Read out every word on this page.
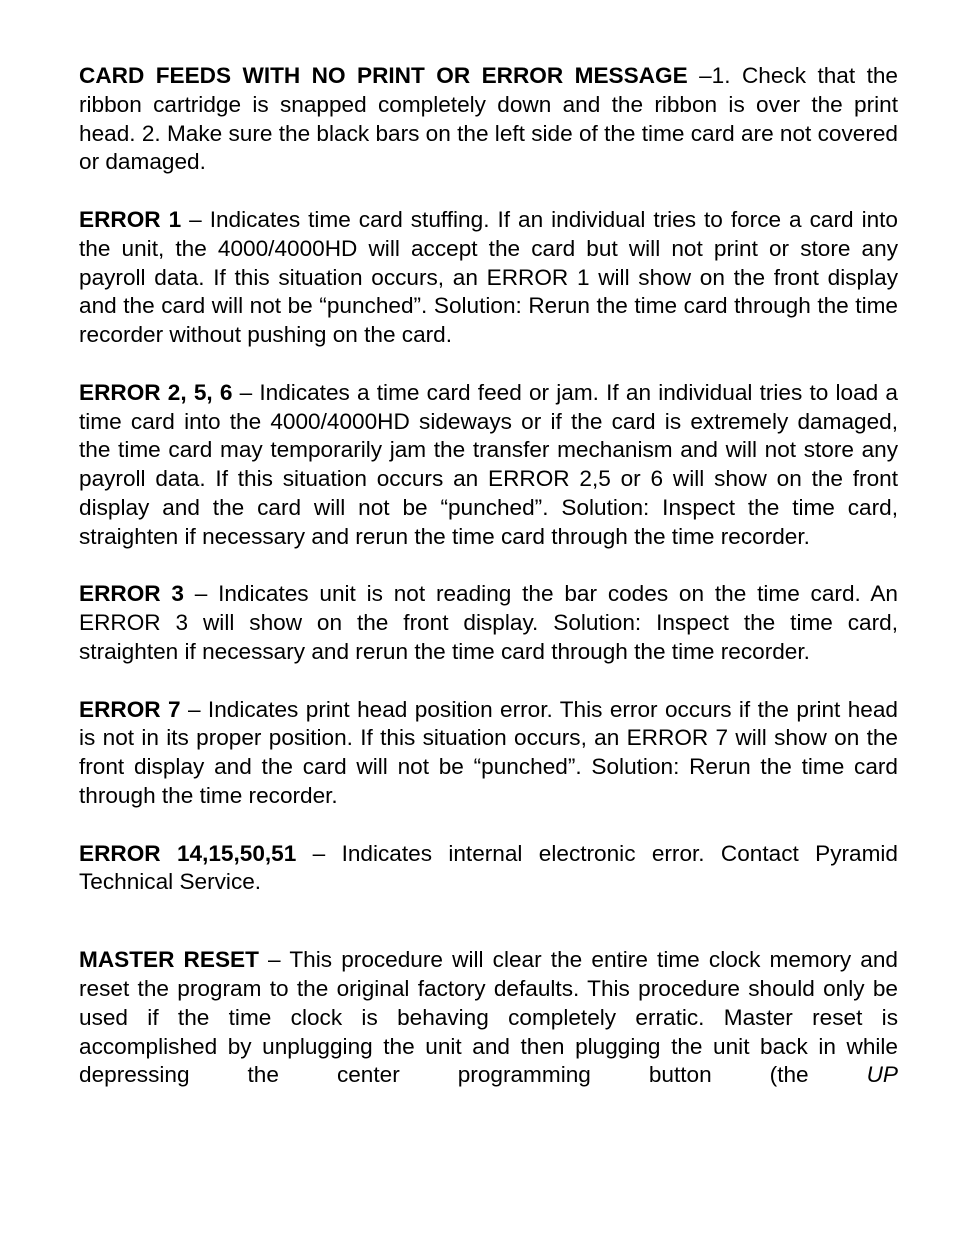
CARD FEEDS WITH NO PRINT OR ERROR MESSAGE –1. Check that the ribbon cartridge is snapped completely down and the ribbon is over the print head. 2. Make sure the black bars on the left side of the time card are not covered or damaged.

ERROR 1 – Indicates time card stuffing. If an individual tries to force a card into the unit, the 4000/4000HD will accept the card but will not print or store any payroll data. If this situation occurs, an ERROR 1 will show on the front display and the card will not be “punched”. Solution: Rerun the time card through the time recorder without pushing on the card.

ERROR 2, 5, 6 – Indicates a time card feed or jam. If an individual tries to load a time card into the 4000/4000HD sideways or if the card is extremely damaged, the time card may temporarily jam the transfer mechanism and will not store any payroll data. If this situation occurs an ERROR 2,5 or 6 will show on the front display and the card will not be “punched”. Solution: Inspect the time card, straighten if necessary and rerun the time card through the time recorder.

ERROR 3 – Indicates unit is not reading the bar codes on the time card. An ERROR 3 will show on the front display. Solution: Inspect the time card, straighten if necessary and rerun the time card through the time recorder.

ERROR 7 – Indicates print head position error. This error occurs if the print head is not in its proper position. If this situation occurs, an ERROR 7 will show on the front display and the card will not be “punched”. Solution: Rerun the time card through the time recorder.

ERROR 14,15,50,51 – Indicates internal electronic error. Contact Pyramid Technical Service.

MASTER RESET – This procedure will clear the entire time clock memory and reset the program to the original factory defaults. This procedure should only be used if the time clock is behaving completely erratic. Master reset is accomplished by unplugging the unit and then plugging the unit back in while depressing the center programming button (the UP
